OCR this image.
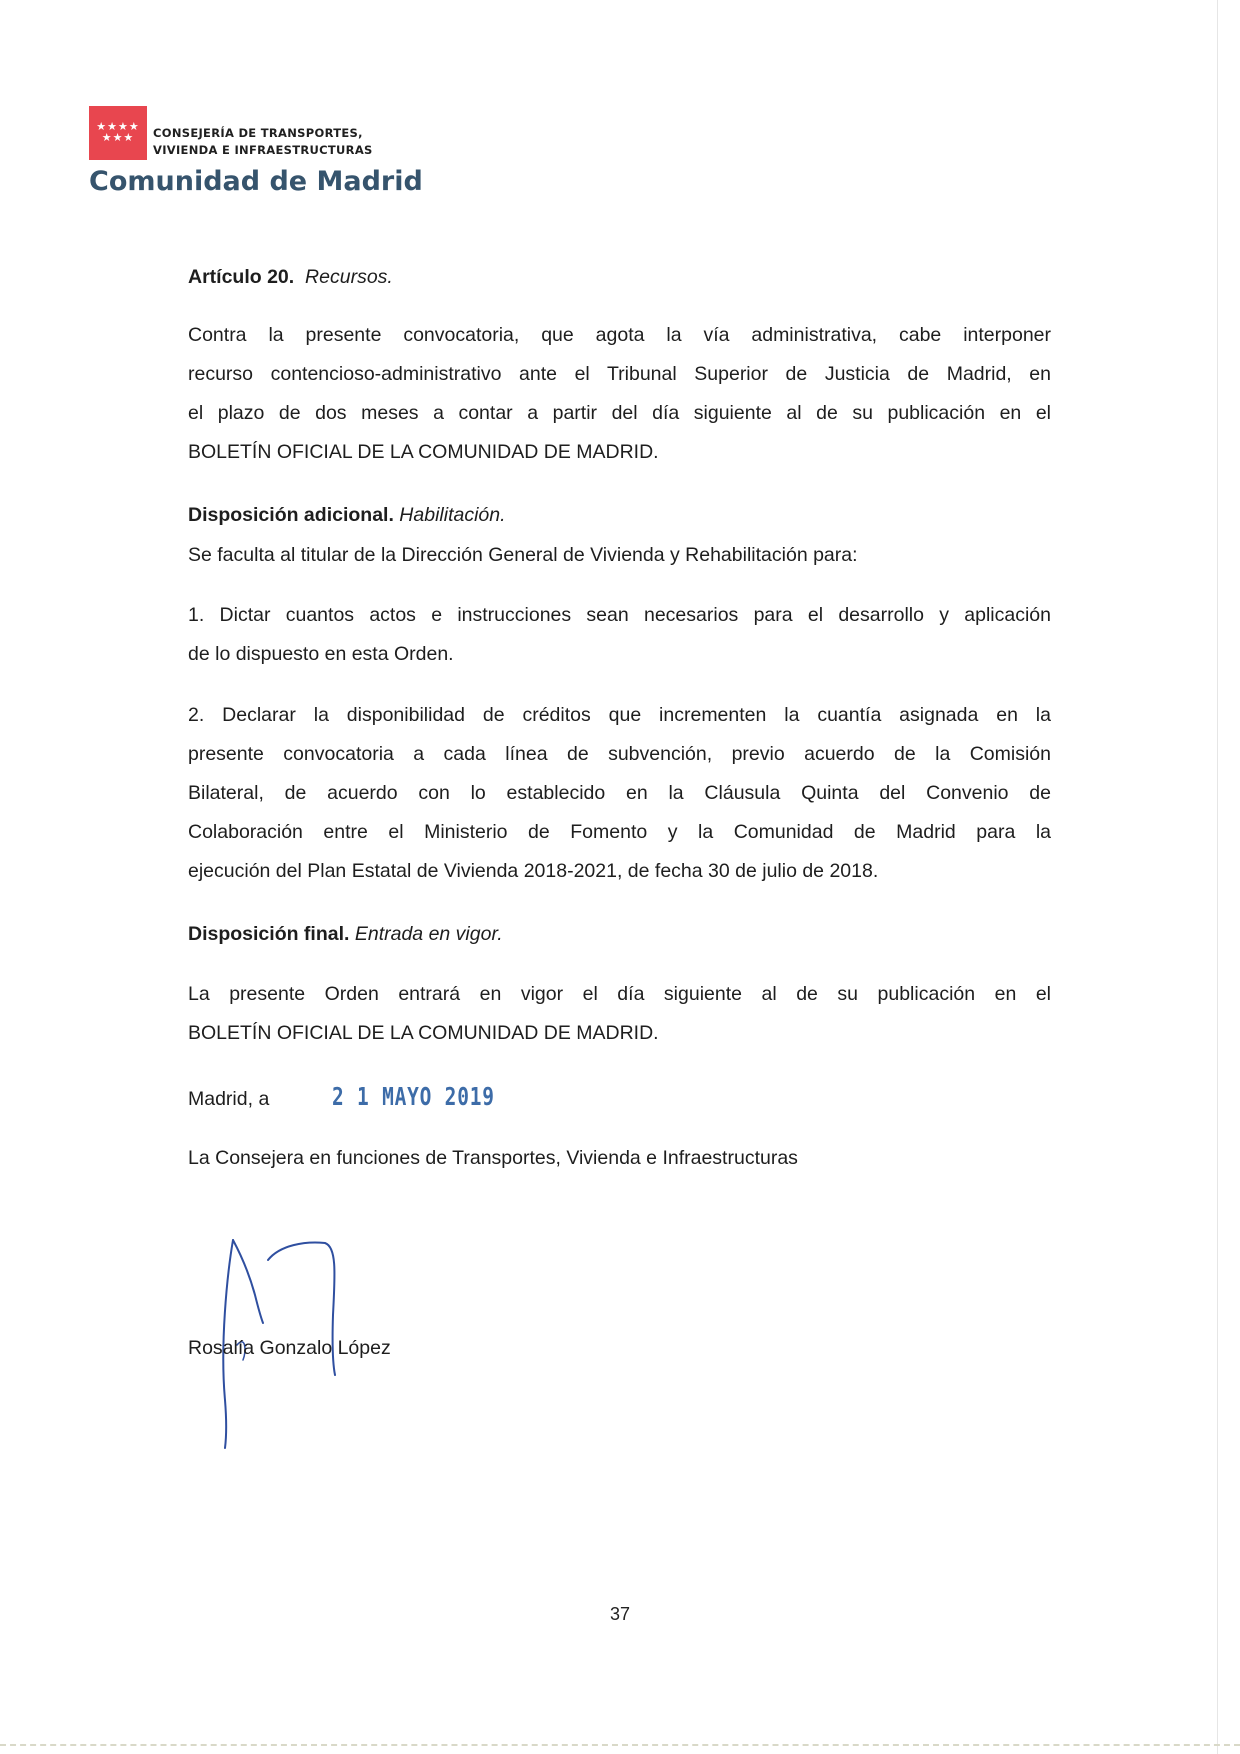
★★★★
★★★ CONSEJERÍA DE TRANSPORTES,
VIVIENDA E INFRAESTRUCTURAS
Comunidad de Madrid
Artículo 20. Recursos.
Contra la presente convocatoria, que agota la vía administrativa, cabe interponer
recurso contencioso-administrativo ante el Tribunal Superior de Justicia de Madrid, en
el plazo de dos meses a contar a partir del día siguiente al de su publicación en el
BOLETÍN OFICIAL DE LA COMUNIDAD DE MADRID.
Disposición adicional. Habilitación.
Se faculta al titular de la Dirección General de Vivienda y Rehabilitación para:
1. Dictar cuantos actos e instrucciones sean necesarios para el desarrollo y aplicación
de lo dispuesto en esta Orden.
2. Declarar la disponibilidad de créditos que incrementen la cuantía asignada en la
presente convocatoria a cada línea de subvención, previo acuerdo de la Comisión
Bilateral, de acuerdo con lo establecido en la Cláusula Quinta del Convenio de
Colaboración entre el Ministerio de Fomento y la Comunidad de Madrid para la
ejecución del Plan Estatal de Vivienda 2018-2021, de fecha 30 de julio de 2018.
Disposición final. Entrada en vigor.
La presente Orden entrará en vigor el día siguiente al de su publicación en el
BOLETÍN OFICIAL DE LA COMUNIDAD DE MADRID.
Madrid, a	2 1 MAYO 2019
La Consejera en funciones de Transportes, Vivienda e Infraestructuras
Rosalía Gonzalo López
37
